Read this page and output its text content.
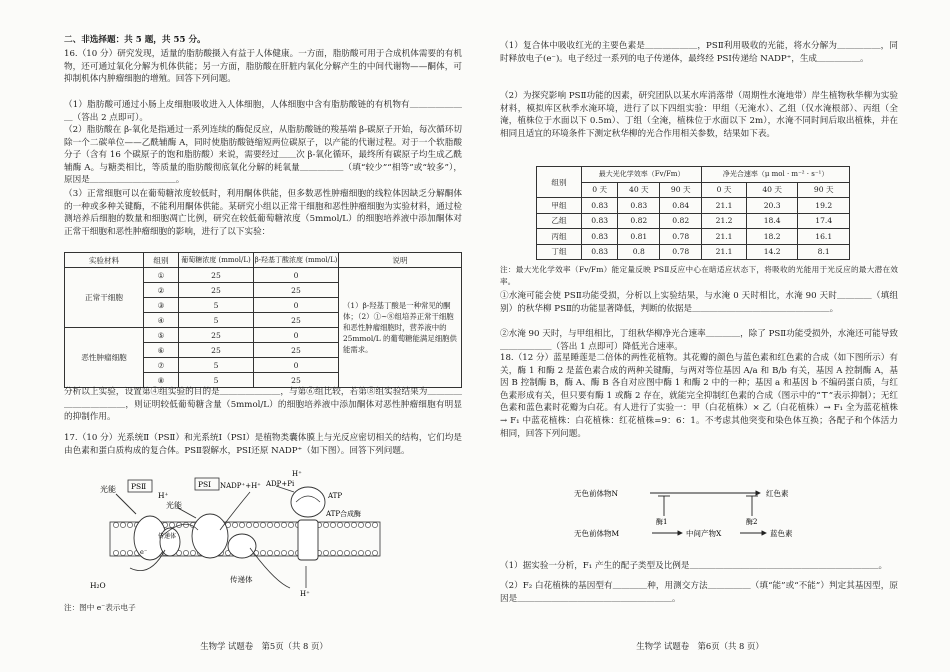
二、非选择题：共 5 题，共 55 分。

16.（10 分）研究发现，适量的脂肪酸摄入有益于人体健康。一方面，脂肪酸可用于合成机体需要的有机物，还可通过氧化分解为机体供能；另一方面，脂肪酸在肝脏内氧化分解产生的中间代谢物——酮体，可抑制机体内肿瘤细胞的增殖。回答下列问题。

（1）脂肪酸可通过小肠上皮细胞吸收进入人体细胞，人体细胞中含有脂肪酸链的有机物有＿＿＿＿＿＿＿（答出 2 点即可）。

（2）脂肪酸在 β-氧化是指通过一系列连续的酶促反应，从脂肪酸链的羧基端 β-碳原子开始，每次循环切除一个二碳单位——乙酰辅酶 A，同时使脂肪酸链缩短两位碳原子，以产能的代谢过程。对于一个软脂酸分子（含有 16 个碳原子的饱和脂肪酸）来说，需要经过＿＿次 β-氧化循环，最终所有碳原子均生成乙酰辅酶 A。与糖类相比，等质量的脂肪酸彻底氧化分解的耗氧量＿＿＿＿＿（填“较少”“相等”或“较多”），原因是＿＿＿＿＿＿＿＿＿＿。

（3）正常细胞可以在葡萄糖浓度较低时，利用酮体供能，但多数恶性肿瘤细胞的线粒体因缺乏分解酮体的一种或多种关键酶，不能利用酮体供能。某研究小组以正常干细胞和恶性肿瘤细胞为实验材料，通过检测培养后细胞的数量和细胞凋亡比例，研究在较低葡萄糖浓度（5mmol/L）的细胞培养液中添加酮体对正常干细胞和恶性肿瘤细胞的影响，进行了以下实验：

实验材料	组别	葡萄糖浓度 (mmol/L)	β-羟基丁酸浓度 (mmol/L)	说明
正常干细胞	①	25	0	（1）β-羟基丁酸是一种常见的酮体；（2）①~⑧组培养正常干细胞和恶性肿瘤细胞时，营养液中的 25mmol/L 的葡萄糖能满足细胞供能需求。
	②	25	25	
	③	5	0	
	④	5	25	
恶性肿瘤细胞	⑤	25	0	
	⑥	25	25	
	⑦	5	0	
	⑧	5	25	

分析以上实验，设置第④组实验的目的是＿＿＿＿＿＿＿，与第⑥组比较，若第⑧组实验结果为＿＿＿＿＿＿＿＿＿＿＿，则证明较低葡萄糖含量（5mmol/L）的细胞培养液中添加酮体对恶性肿瘤细胞有明显的抑制作用。

17.（10 分）光系统Ⅱ（PSⅡ）和光系统Ⅰ（PSⅠ）是植物类囊体膜上与光反应密切相关的结构，它们均是由色素和蛋白质构成的复合体。PSⅡ裂解水，PSⅠ还原 NADP⁺（如下图）。回答下列问题。

光能 PSⅡ
H⁺
光能
PSⅠ NADP⁺+H⁺
H⁺
ADP+Pi
ATP
ATP合成酶
传递体
传递体
e⁻
H₂O
H⁺

注：图中 e⁻表示电子

生物学 试题卷　第5页（共 8 页）

（1）复合体中吸收红光的主要色素是＿＿＿＿＿＿，PSⅡ利用吸收的光能，将水分解为＿＿＿＿＿，同时释放电子(e⁻)。电子经过一系列的电子传递体，最终经 PSⅠ传递给 NADP⁺，生成＿＿＿＿＿。

（2）为探究影响 PSⅡ功能的因素，研究团队以某水库消落带（周期性水淹地带）岸生植物秋华柳为实验材料，模拟库区秋季水淹环境，进行了以下四组实验：甲组（无淹水）、乙组（仅水淹根部）、丙组（全淹，植株位于水面以下 0.5m）、丁组（全淹，植株位于水面以下 2m），水淹不同时间后取出植株，并在相同且适宜的环境条件下测定秋华柳的光合作用相关参数，结果如下表。

组别	最大光化学效率（Fv/Fm）			净光合速率（μ mol · m⁻² · s⁻¹）		
	0 天	40 天	90 天	0 天	40 天	90 天
甲组	0.83	0.83	0.84	21.1	20.3	19.2
乙组	0.83	0.82	0.82	21.2	18.4	17.4
丙组	0.83	0.81	0.78	21.1	18.2	16.1
丁组	0.83	0.8	0.78	21.1	14.2	8.1

注：最大光化学效率（Fv/Fm）能定量反映 PSⅡ反应中心在暗适应状态下，将吸收的光能用于光反应的最大潜在效率。

①水淹可能会使 PSⅡ功能受损，分析以上实验结果，与水淹 0 天时相比，水淹 90 天时＿＿＿＿（填组别）的秋华柳 PSⅡ的功能显著降低，判断的依据是＿＿＿＿＿＿＿＿＿＿＿＿＿＿＿＿。

②水淹 90 天时，与甲组相比，丁组秋华柳净光合速率＿＿＿＿，除了 PSⅡ功能受损外，水淹还可能导致＿＿＿＿＿＿（答出 1 点即可）降低光合速率。

18.（12 分）蓝星睡莲是二倍体的两性花植物。其花瓣的颜色与蓝色素和红色素的合成（如下图所示）有关，酶 1 和酶 2 是蓝色素合成的两种关键酶，与两对等位基因 A/a 和 B/b 有关，基因 A 控制酶 A，基因 B 控制酶 B，酶 A、酶 B 各自对应图中酶 1 和酶 2 中的一种；基因 a 和基因 b 不编码蛋白质，与红色素形成有关，但只要有酶 1 或酶 2 存在，就能完全抑制红色素的合成（图示中的“⊤”表示抑制）；无红色素和蓝色素时花瓣为白花。有人进行了实验一：甲（白花植株）× 乙（白花植株）→ F₁ 全为蓝花植株 → F₁ 中蓝花植株：白花植株：红花植株=9：6：1。不考虑其他突变和染色体互换；各配子和个体活力相同，回答下列问题。

无色前体物N	红色素
无色前体物M	中间产物X	蓝色素
酶1	酶2

（1）据实验一分析，F₁ 产生的配子类型及比例是＿＿＿＿＿＿＿＿＿＿＿＿＿＿＿＿＿＿＿＿＿＿。

（2）F₂ 白花植株的基因型有＿＿＿＿种，用测交方法＿＿＿＿＿（填“能”或“不能”）判定其基因型，原因是＿＿＿＿＿＿＿＿＿＿＿＿＿＿＿＿＿＿。

生物学 试题卷　第6页（共 8 页）
